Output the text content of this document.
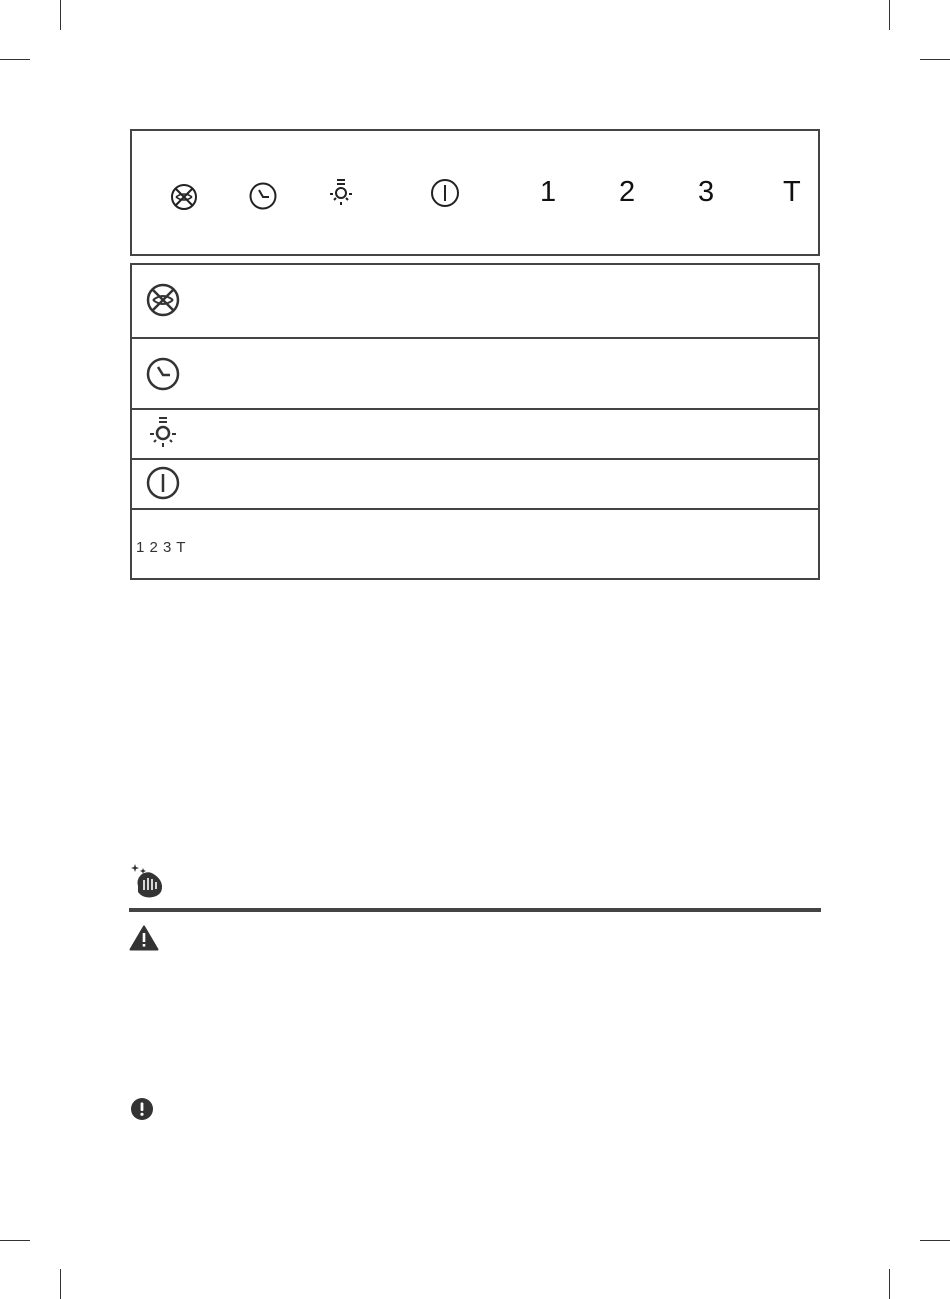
1 2 3 T
1 2 3 T
